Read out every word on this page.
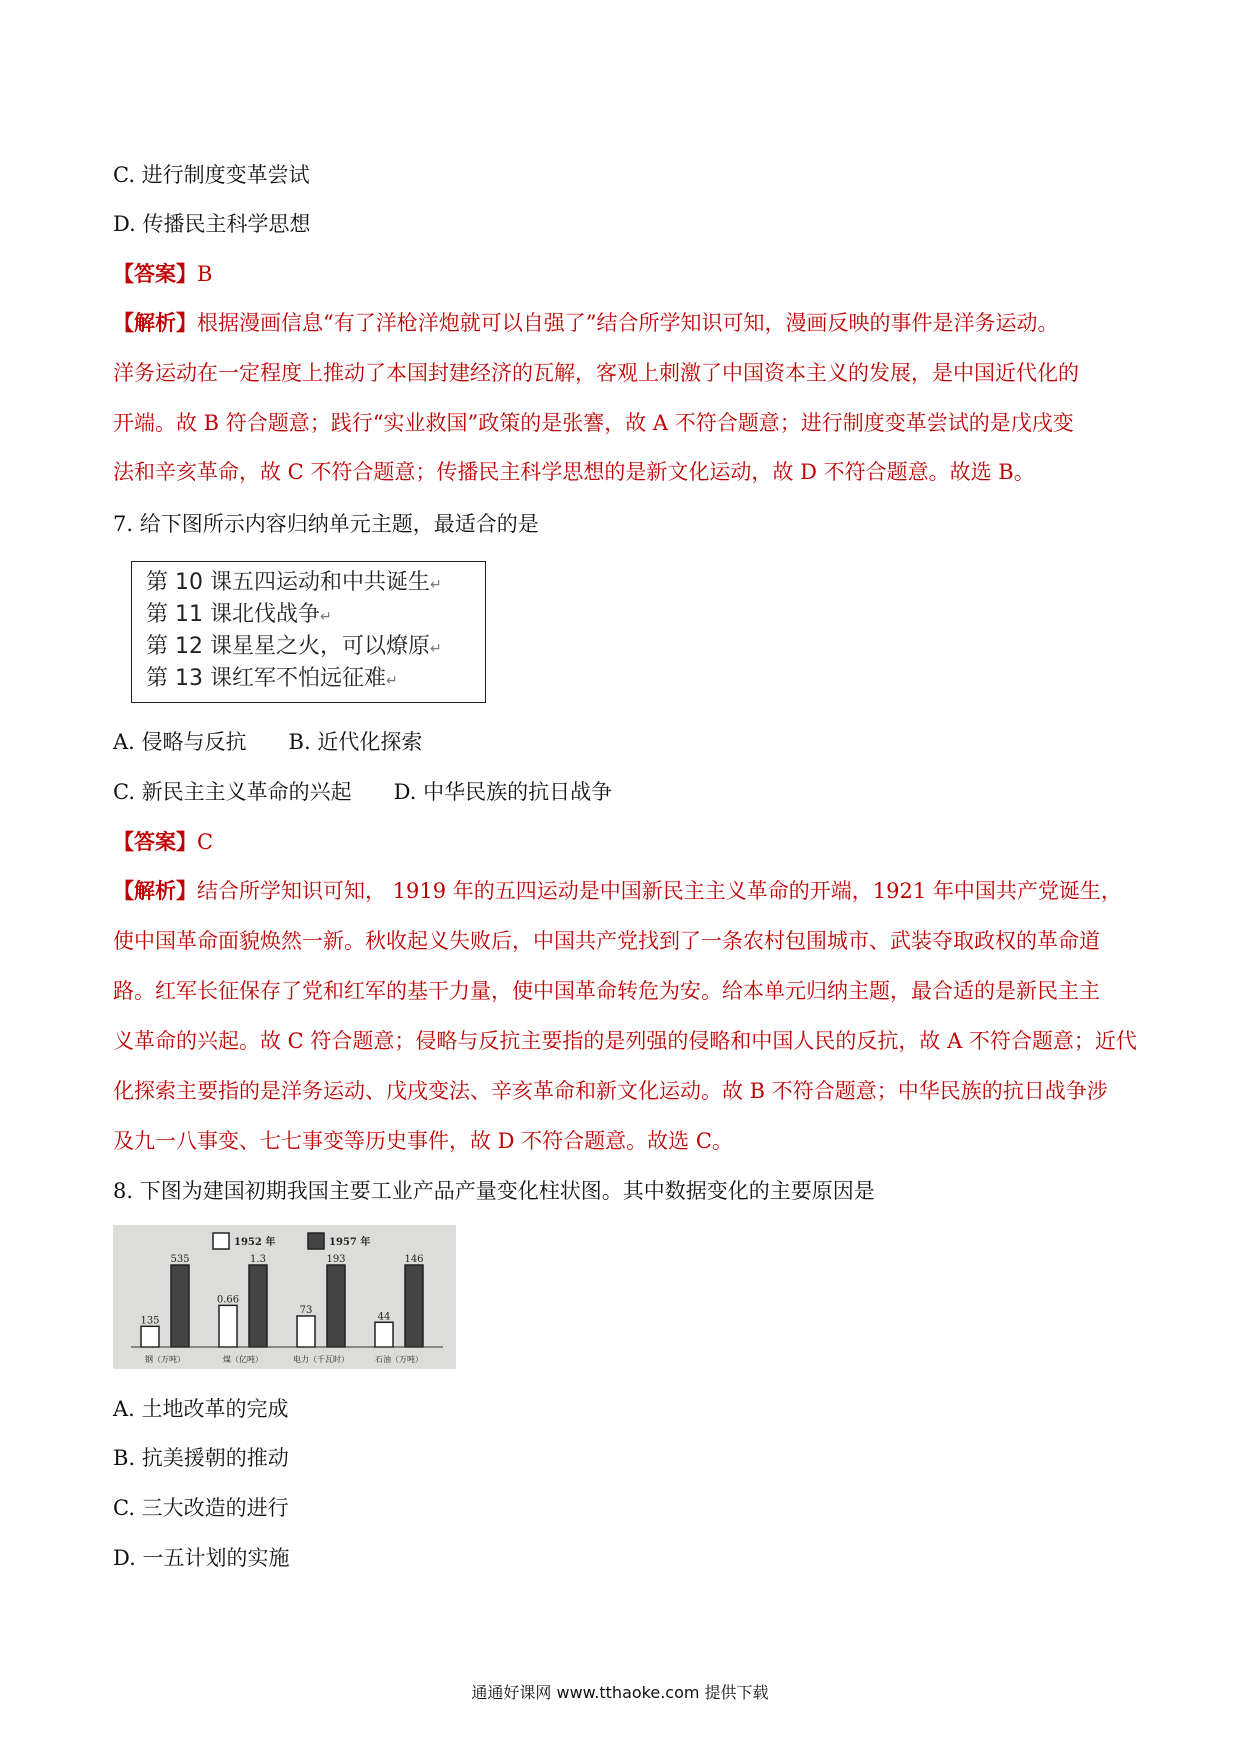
C. 进行制度变革尝试
D. 传播民主科学思想
【答案】B
【解析】根据漫画信息“有了洋枪洋炮就可以自强了”结合所学知识可知，漫画反映的事件是洋务运动。
洋务运动在一定程度上推动了本国封建经济的瓦解，客观上刺激了中国资本主义的发展，是中国近代化的
开端。故 B 符合题意；践行“实业救国”政策的是张謇，故 A 不符合题意；进行制度变革尝试的是戊戌变
法和辛亥革命，故 C 不符合题意；传播民主科学思想的是新文化运动，故 D 不符合题意。故选 B。
7. 给下图所示内容归纳单元主题，最适合的是
第 10 课五四运动和中共诞生↵
第 11 课北伐战争↵
第 12 课星星之火，可以燎原↵
第 13 课红军不怕远征难↵
A. 侵略与反抗 B. 近代化探索
C. 新民主主义革命的兴起 D. 中华民族的抗日战争
【答案】C
【解析】结合所学知识可知， 1919 年的五四运动是中国新民主主义革命的开端，1921 年中国共产党诞生，
使中国革命面貌焕然一新。秋收起义失败后，中国共产党找到了一条农村包围城市、武装夺取政权的革命道
路。红军长征保存了党和红军的基干力量，使中国革命转危为安。给本单元归纳主题，最合适的是新民主主
义革命的兴起。故 C 符合题意；侵略与反抗主要指的是列强的侵略和中国人民的反抗，故 A 不符合题意；近代
化探索主要指的是洋务运动、戊戌变法、辛亥革命和新文化运动。故 B 不符合题意；中华民族的抗日战争涉
及九一八事变、七七事变等历史事件，故 D 不符合题意。故选 C。
8. 下图为建国初期我国主要工业产品产量变化柱状图。其中数据变化的主要原因是
135
535
钢（万吨）
0.66
1.3
煤（亿吨）
73
193
电力（千瓦时）
44
146
石油（万吨）
1952 年	1957 年
A. 土地改革的完成
B. 抗美援朝的推动
C. 三大改造的进行
D. 一五计划的实施
通通好课网 www.tthaoke.com 提供下载
